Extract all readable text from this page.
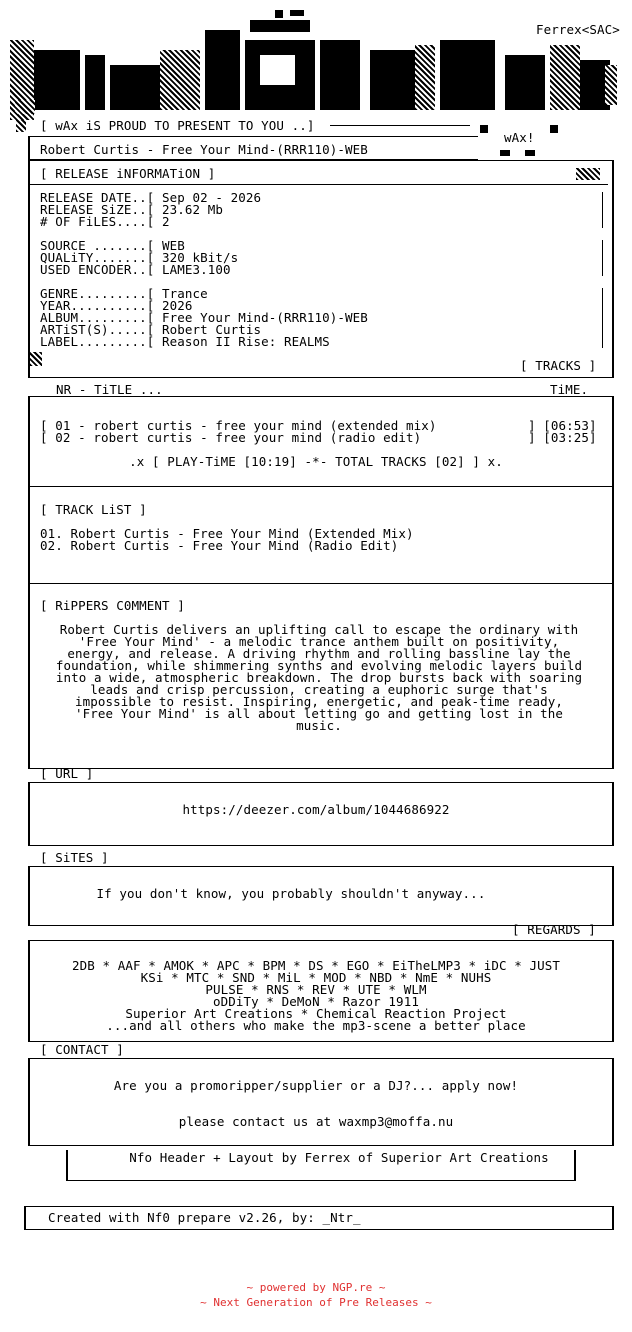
Ferrex<SAC>
wAx!
[ wAx iS PROUD TO PRESENT TO YOU ..]
Robert Curtis - Free Your Mind-(RRR110)-WEB
[ RELEASE iNFORMATiON ]
RELEASE DATE..[ Sep 02 - 2026
RELEASE SiZE..[ 23.62 Mb
# OF FiLES....[ 2
SOURCE .......[ WEB
QUALiTY.......[ 320 kBit/s
USED ENCODER..[ LAME3.100
GENRE.........[ Trance
YEAR..........[ 2026
ALBUM.........[ Free Your Mind-(RRR110)-WEB
ARTiST(S).....[ Robert Curtis
LABEL.........[ Reason II Rise: REALMS
[ TRACKS ]
NR - TiTLE ...	TiME.
[ 01 - robert curtis - free your mind (extended mix)	] [06:53]
[ 02 - robert curtis - free your mind (radio edit)	] [03:25]
.x [ PLAY-TiME [10:19] -*- TOTAL TRACKS [02] ] x.
[ TRACK LiST ]
01. Robert Curtis - Free Your Mind (Extended Mix)
02. Robert Curtis - Free Your Mind (Radio Edit)
[ RiPPERS C0MMENT ]
Robert Curtis delivers an uplifting call to escape the ordinary with
'Free Your Mind' - a melodic trance anthem built on positivity,
energy, and release. A driving rhythm and rolling bassline lay the
foundation, while shimmering synths and evolving melodic layers build
into a wide, atmospheric breakdown. The drop bursts back with soaring
leads and crisp percussion, creating a euphoric surge that's
impossible to resist. Inspiring, energetic, and peak-time ready,
'Free Your Mind' is all about letting go and getting lost in the
music.
[ URL ]
https://deezer.com/album/1044686922
[ SiTES ]
If you don't know, you probably shouldn't anyway...
[ REGARDS ]
2DB * AAF * AMOK * APC * BPM * DS * EGO * EiTheLMP3 * iDC * JUST
KSi * MTC * SND * MiL * MOD * NBD * NmE * NUHS
PULSE * RNS * REV * UTE * WLM
oDDiTy * DeMoN * Razor 1911
Superior Art Creations * Chemical Reaction Project
...and all others who make the mp3-scene a better place
[ CONTACT ]
Are you a promoripper/supplier or a DJ?... apply now!
please contact us at waxmp3@moffa.nu
Nfo Header + Layout by Ferrex of Superior Art Creations
Created with Nf0 prepare v2.26, by: _Ntr_
~ powered by NGP.re ~
~ Next Generation of Pre Releases ~
